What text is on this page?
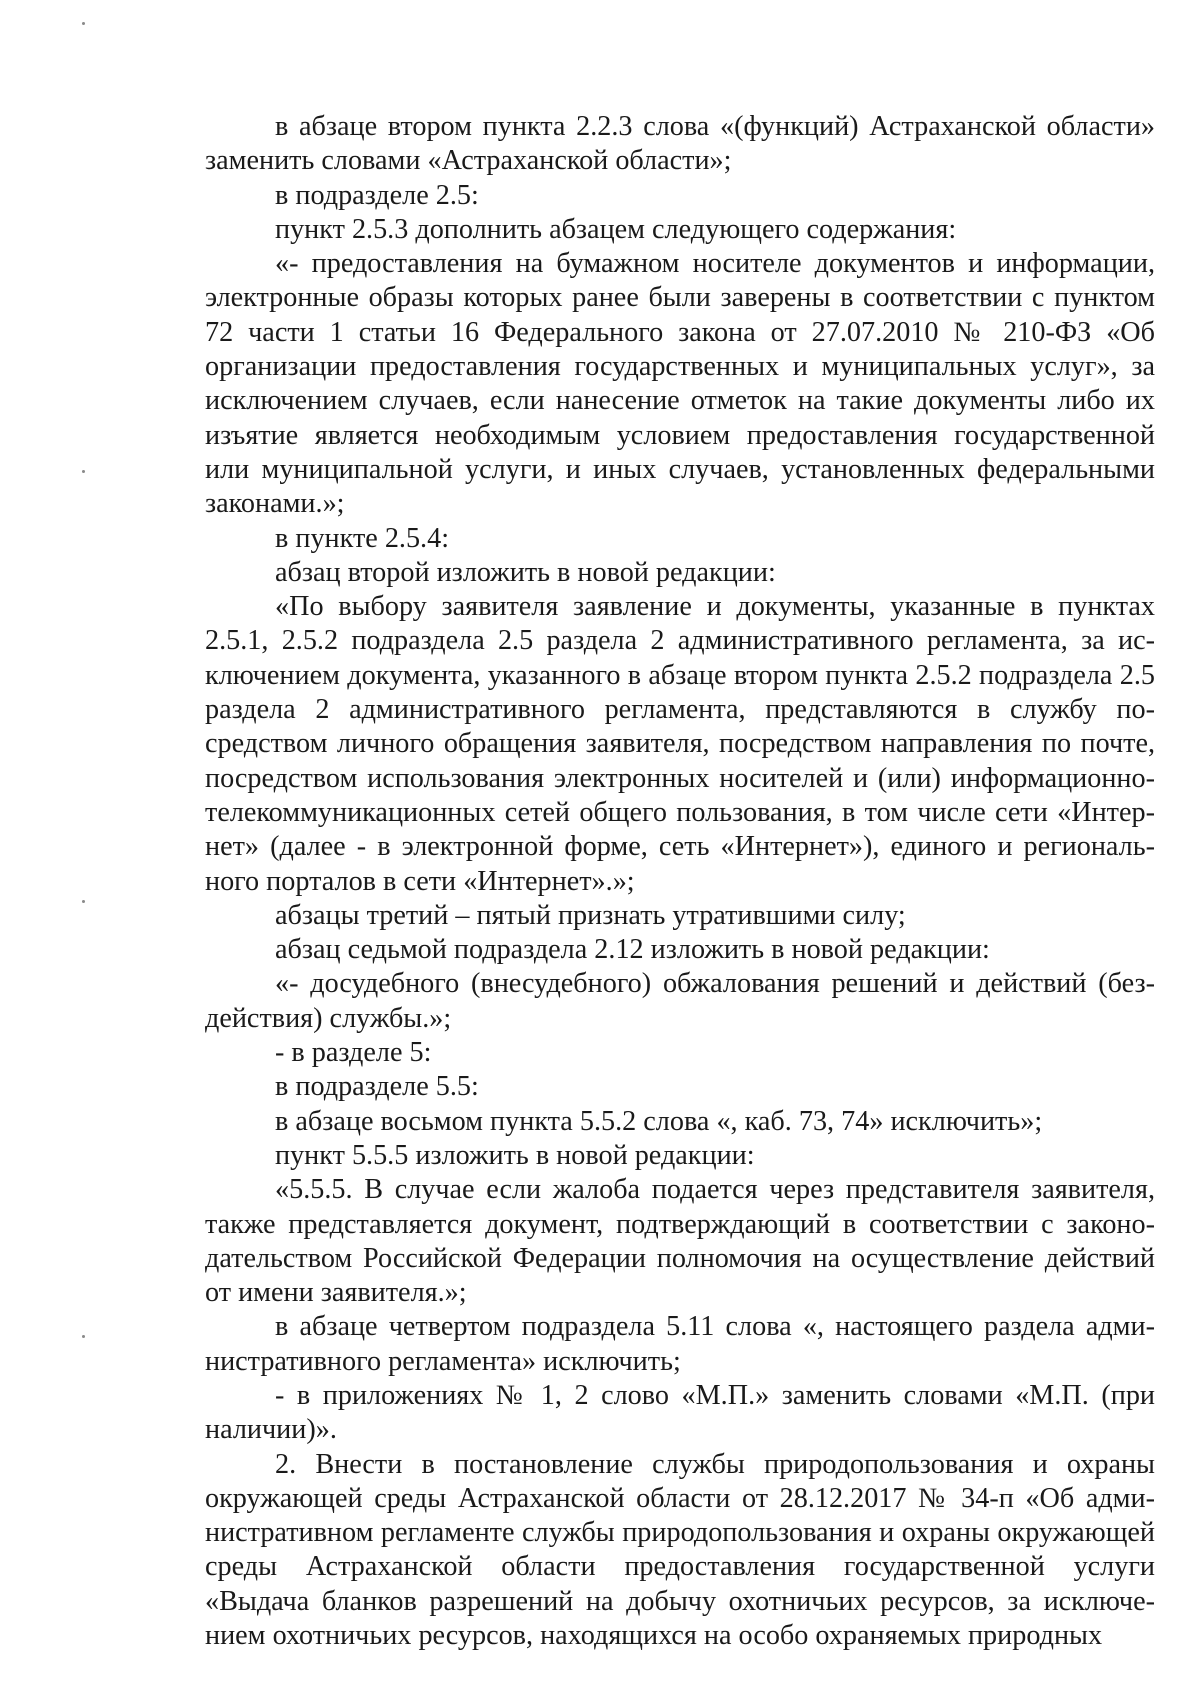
в абзаце втором пункта 2.2.3 слова «(функций) Астраханской области» заменить словами «Астраханской области»;

в подразделе 2.5:

пункт 2.5.3 дополнить абзацем следующего содержания:

«- предоставления на бумажном носителе документов и информации, электронные образы которых ранее были заверены в соответствии с пунктом 72 части 1 статьи 16 Федерального закона от 27.07.2010 № 210-ФЗ «Об организации предоставления государственных и муниципальных услуг», за исключением случаев, если нанесение отметок на такие документы либо их изъятие является необходимым условием предоставления государственной или муниципальной услуги, и иных случаев, установленных федеральными законами.»;

в пункте 2.5.4:

абзац второй изложить в новой редакции:

«По выбору заявителя заявление и документы, указанные в пунктах 2.5.1, 2.5.2 подраздела 2.5 раздела 2 административного регламента, за исключением документа, указанного в абзаце втором пункта 2.5.2 подраздела 2.5 раздела 2 административного регламента, представляются в службу посредством личного обращения заявителя, посредством направления по почте, посредством использования электронных носителей и (или) информационно-телекоммуникационных сетей общего пользования, в том числе сети «Интернет» (далее - в электронной форме, сеть «Интернет»), единого и регионального порталов в сети «Интернет».»;

абзацы третий – пятый признать утратившими силу;

абзац седьмой подраздела 2.12 изложить в новой редакции:

«- досудебного (внесудебного) обжалования решений и действий (бездействия) службы.»;

- в разделе 5:

в подразделе 5.5:

в абзаце восьмом пункта 5.5.2 слова «, каб. 73, 74» исключить»;

пункт 5.5.5 изложить в новой редакции:

«5.5.5. В случае если жалоба подается через представителя заявителя, также представляется документ, подтверждающий в соответствии с законодательством Российской Федерации полномочия на осуществление действий от имени заявителя.»;

в абзаце четвертом подраздела 5.11 слова «, настоящего раздела административного регламента» исключить;

- в приложениях № 1, 2 слово «М.П.» заменить словами «М.П. (при наличии)».

2. Внести в постановление службы природопользования и охраны окружающей среды Астраханской области от 28.12.2017 № 34-п «Об административном регламенте службы природопользования и охраны окружающей среды Астраханской области предоставления государственной услуги «Выдача бланков разрешений на добычу охотничьих ресурсов, за исключением охотничьих ресурсов, находящихся на особо охраняемых природных
